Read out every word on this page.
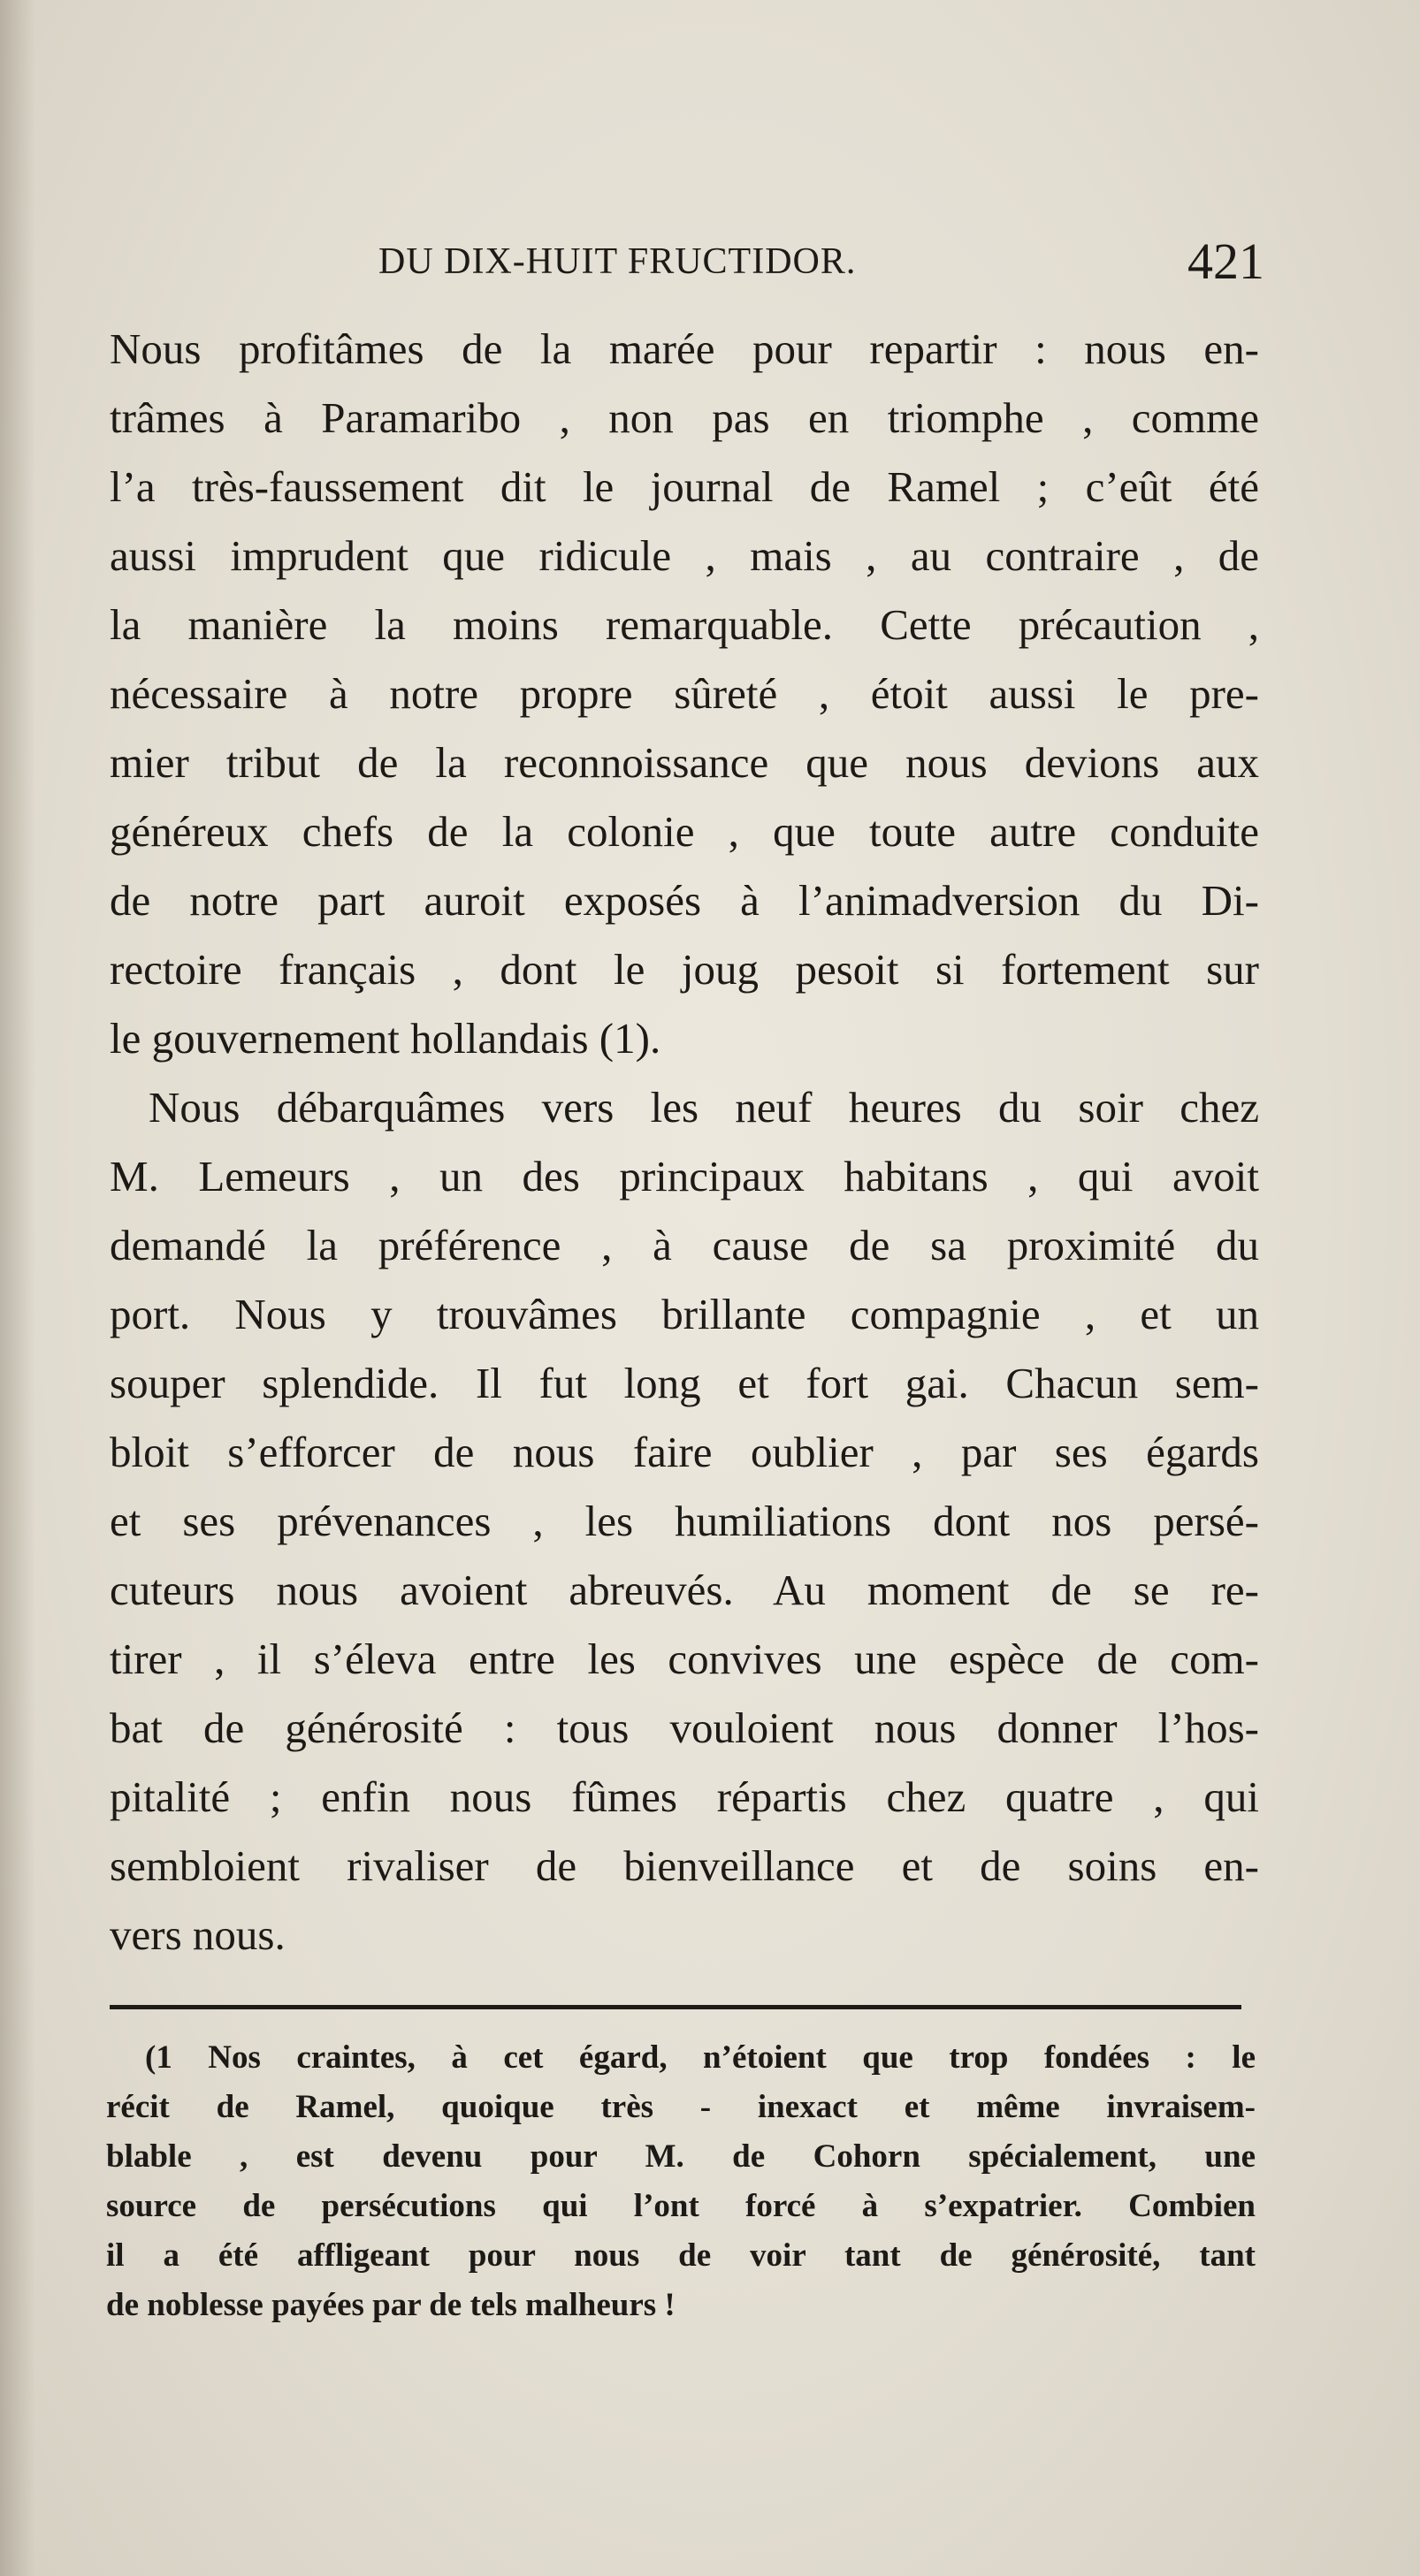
DU DIX-HUIT FRUCTIDOR.	421
Nous profitâmes de la marée pour repartir : nous en-
trâmes à Paramaribo , non pas en triomphe , comme
l’a très-faussement dit le journal de Ramel ; c’eût été
aussi imprudent que ridicule , mais , au contraire , de
la manière la moins remarquable. Cette précaution ,
nécessaire à notre propre sûreté , étoit aussi le pre-
mier tribut de la reconnoissance que nous devions aux
généreux chefs de la colonie , que toute autre conduite
de notre part auroit exposés à l’animadversion du Di-
rectoire français , dont le joug pesoit si fortement sur
le gouvernement hollandais (1).
Nous débarquâmes vers les neuf heures du soir chez
M. Lemeurs , un des principaux habitans , qui avoit
demandé la préférence , à cause de sa proximité du
port. Nous y trouvâmes brillante compagnie , et un
souper splendide. Il fut long et fort gai. Chacun sem-
bloit s’efforcer de nous faire oublier , par ses égards
et ses prévenances , les humiliations dont nos persé-
cuteurs nous avoient abreuvés. Au moment de se re-
tirer , il s’éleva entre les convives une espèce de com-
bat de générosité : tous vouloient nous donner l’hos-
pitalité ; enfin nous fûmes répartis chez quatre , qui
sembloient rivaliser de bienveillance et de soins en-
vers nous.
(1 Nos craintes, à cet égard, n’étoient que trop fondées : le
récit de Ramel, quoique très - inexact et même invraisem-
blable , est devenu pour M. de Cohorn spécialement, une
source de persécutions qui l’ont forcé à s’expatrier. Combien
il a été affligeant pour nous de voir tant de générosité, tant
de noblesse payées par de tels malheurs !
